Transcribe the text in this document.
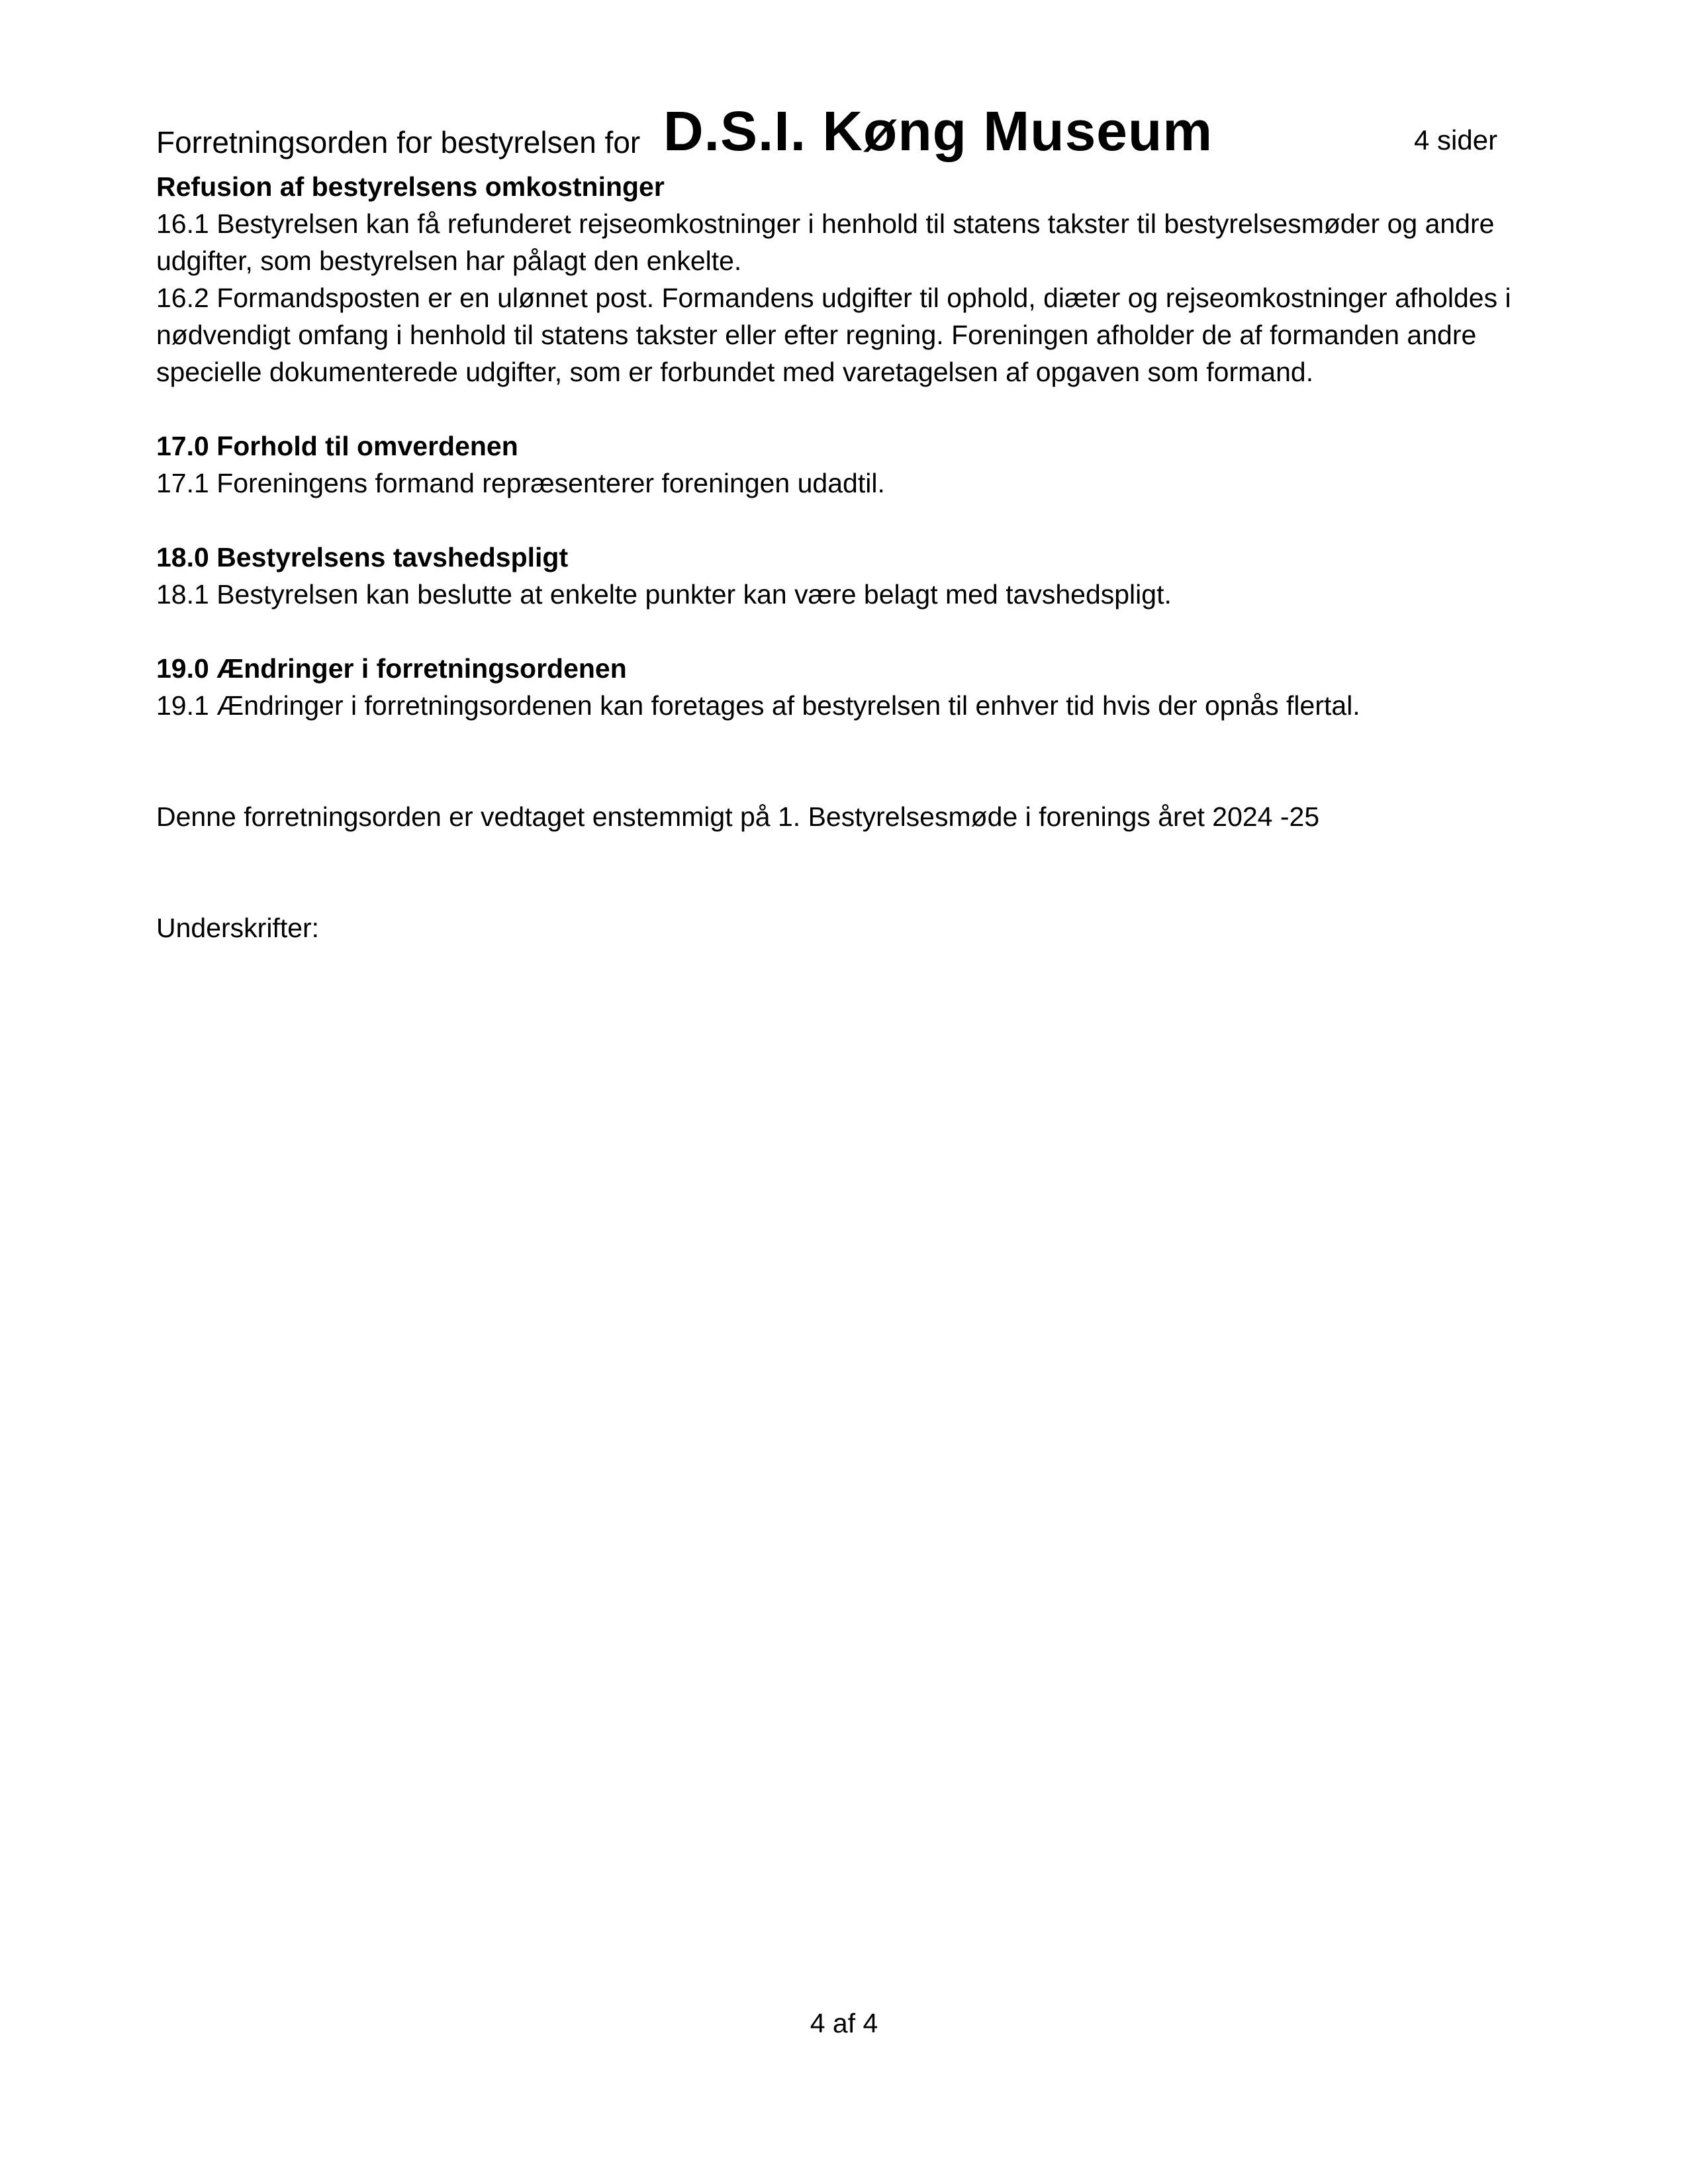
Forretningsorden for bestyrelsen for D.S.I. Køng Museum	4 sider

Refusion af bestyrelsens omkostninger

16.1 Bestyrelsen kan få refunderet rejseomkostninger i henhold til statens takster til bestyrelsesmøder og andre udgifter, som bestyrelsen har pålagt den enkelte.

16.2 Formandsposten er en ulønnet post. Formandens udgifter til ophold, diæter og rejseomkostninger afholdes i nødvendigt omfang i henhold til statens takster eller efter regning. Foreningen afholder de af formanden andre specielle dokumenterede udgifter, som er forbundet med varetagelsen af opgaven som formand.

17.0 Forhold til omverdenen

17.1 Foreningens formand repræsenterer foreningen udadtil.

18.0 Bestyrelsens tavshedspligt

18.1 Bestyrelsen kan beslutte at enkelte punkter kan være belagt med tavshedspligt.

19.0 Ændringer i forretningsordenen

19.1 Ændringer i forretningsordenen kan foretages af bestyrelsen til enhver tid hvis der opnås flertal.

Denne forretningsorden er vedtaget enstemmigt på 1. Bestyrelsesmøde i forenings året 2024 -25

Underskrifter:

4 af 4
